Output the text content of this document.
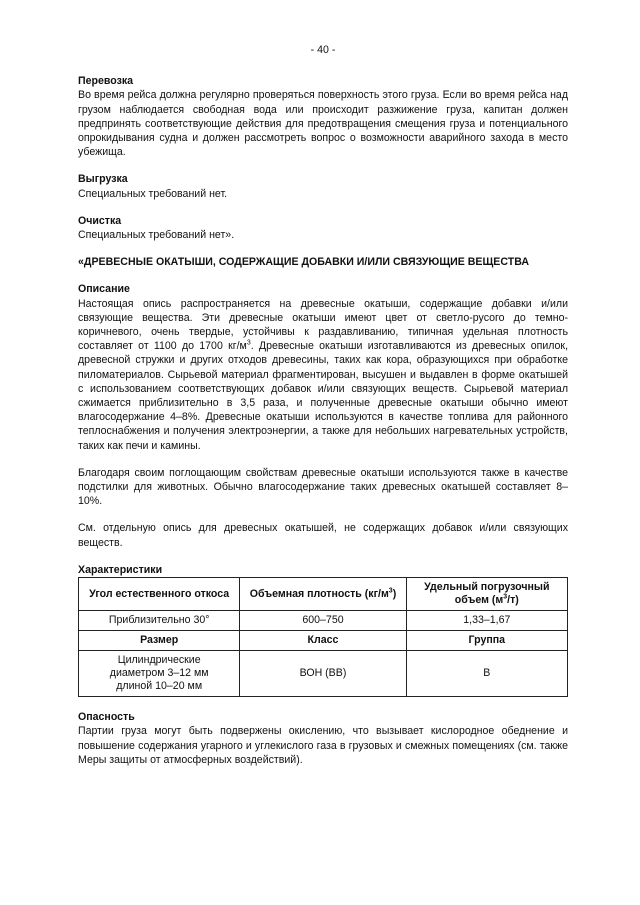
- 40 -
Перевозка
Во время рейса должна регулярно проверяться поверхность этого груза. Если во время рейса над грузом наблюдается свободная вода или происходит разжижение груза, капитан должен предпринять соответствующие действия для предотвращения смещения груза и потенциального опрокидывания судна и должен рассмотреть вопрос о возможности аварийного захода в место убежища.
Выгрузка
Специальных требований нет.
Очистка
Специальных требований нет».
«ДРЕВЕСНЫЕ ОКАТЫШИ, СОДЕРЖАЩИЕ ДОБАВКИ И/ИЛИ СВЯЗУЮЩИЕ ВЕЩЕСТВА
Описание
Настоящая опись распространяется на древесные окатыши, содержащие добавки и/или связующие вещества. Эти древесные окатыши имеют цвет от светло-русого до темно-коричневого, очень твердые, устойчивы к раздавливанию, типичная удельная плотность составляет от 1100 до 1700 $кг/м^3$. Древесные окатыши изготавливаются из древесных опилок, древесной стружки и других отходов древесины, таких как кора, образующихся при обработке пиломатериалов. Сырьевой материал фрагментирован, высушен и выдавлен в форме окатышей с использованием соответствующих добавок и/или связующих веществ. Сырьевой материал сжимается приблизительно в 3,5 раза, и полученные древесные окатыши обычно имеют влагосодержание 4–8%. Древесные окатыши используются в качестве топлива для районного теплоснабжения и получения электроэнергии, а также для небольших нагревательных устройств, таких как печи и камины.
Благодаря своим поглощающим свойствам древесные окатыши используются также в качестве подстилки для животных. Обычно влагосодержание таких древесных окатышей составляет 8–10%.
См. отдельную опись для древесных окатышей, не содержащих добавок и/или связующих веществ.
Характеристики
Угол естественного откоса	Объемная плотность $(кг/м^3)$	Удельный погрузочный объем $(м^3/т)$
Приблизительно 30°	600–750	1,33–1,67
Размер	Класс	Группа

Цилиндрические
диаметром 3–12 мм
длиной 10–20 мм	ВОН (ВВ)	B
Опасность
Партии груза могут быть подвержены окислению, что вызывает кислородное обеднение и повышение содержания угарного и углекислого газа в грузовых и смежных помещениях (см. также Меры защиты от атмосферных воздействий).
